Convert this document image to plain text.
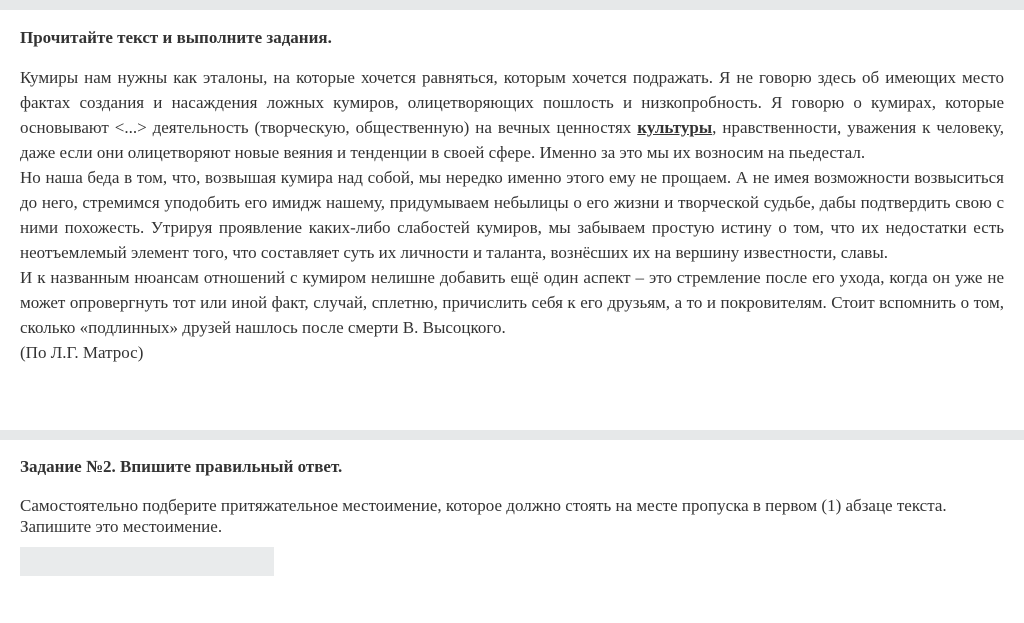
Прочитайте текст и выполните задания.

Кумиры нам нужны как эталоны, на которые хочется равняться, которым хочется подражать. Я не говорю здесь об имеющих место фактах создания и насаждения ложных кумиров, олицетворяющих пошлость и низкопробность. Я говорю о кумирах, которые основывают <...> деятельность (творческую, общественную) на вечных ценностях культуры, нравственности, уважения к человеку, даже если они олицетворяют новые веяния и тенденции в своей сфере. Именно за это мы их возносим на пьедестал.

Но наша беда в том, что, возвышая кумира над собой, мы нередко именно этого ему не прощаем. А не имея возможности возвыситься до него, стремимся уподобить его имидж нашему, придумываем небылицы о его жизни и творческой судьбе, дабы подтвердить свою с ними похожесть. Утрируя проявление каких-либо слабостей кумиров, мы забываем простую истину о том, что их недостатки есть неотъемлемый элемент того, что составляет суть их личности и таланта, вознёсших их на вершину известности, славы.

И к названным нюансам отношений с кумиром нелишне добавить ещё один аспект – это стремление после его ухода, когда он уже не может опровергнуть тот или иной факт, случай, сплетню, причислить себя к его друзьям, а то и покровителям. Стоит вспомнить о том, сколько «подлинных» друзей нашлось после смерти В. Высоцкого.

(По Л.Г. Матрос)

Задание №2. Впишите правильный ответ.

Самостоятельно подберите притяжательное местоимение, которое должно стоять на месте пропуска в первом (1) абзаце текста. Запишите это местоимение.
